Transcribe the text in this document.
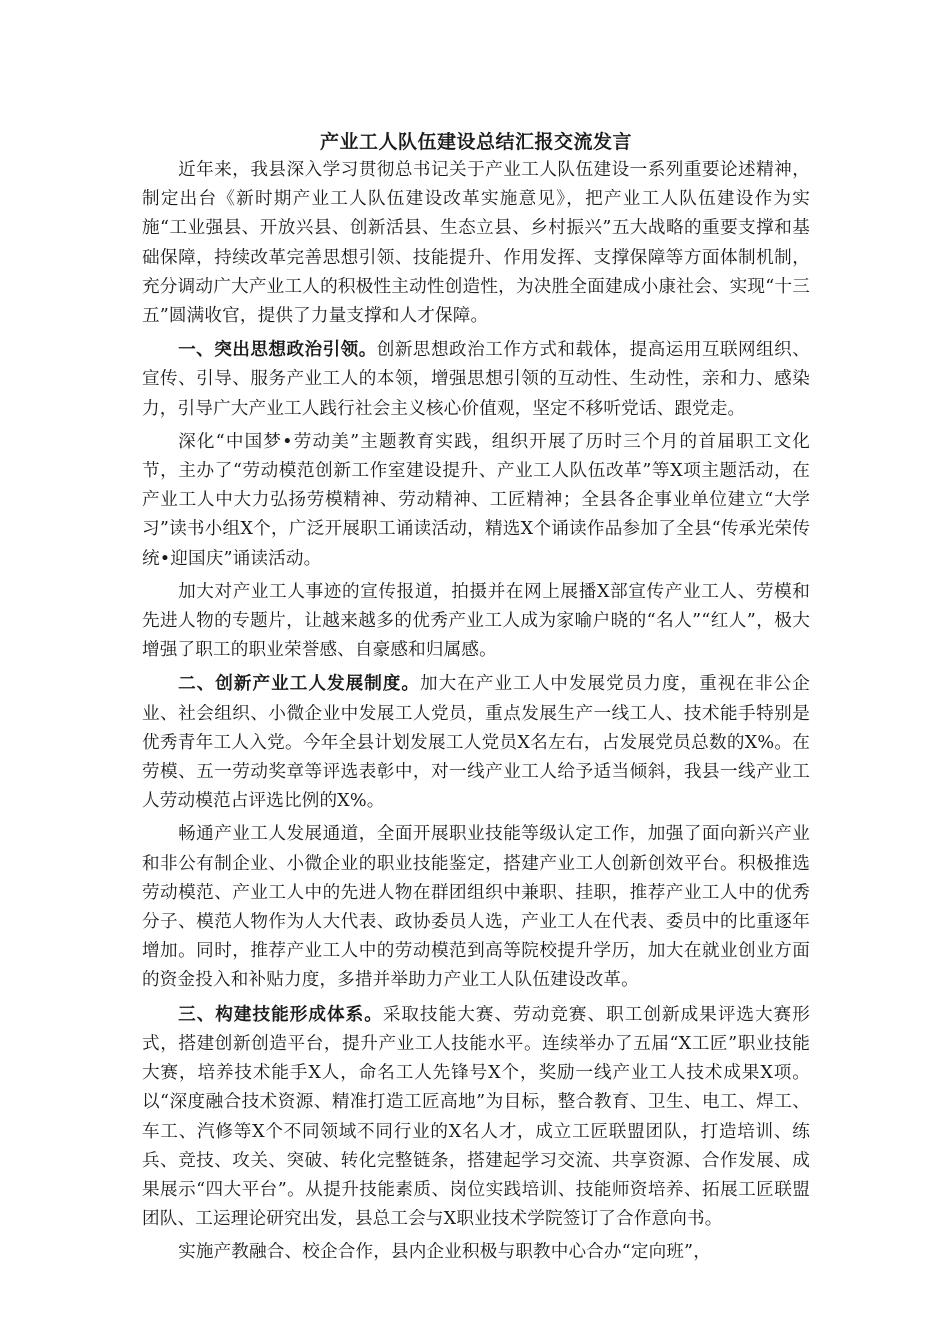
产业工人队伍建设总结汇报交流发言

近年来，我县深入学习贯彻总书记关于产业工人队伍建设一系列重要论述精神，制定出台《新时期产业工人队伍建设改革实施意见》，把产业工人队伍建设作为实施“工业强县、开放兴县、创新活县、生态立县、乡村振兴”五大战略的重要支撑和基础保障，持续改革完善思想引领、技能提升、作用发挥、支撑保障等方面体制机制，充分调动广大产业工人的积极性主动性创造性，为决胜全面建成小康社会、实现“十三五”圆满收官，提供了力量支撑和人才保障。

一、突出思想政治引领。创新思想政治工作方式和载体，提高运用互联网组织、宣传、引导、服务产业工人的本领，增强思想引领的互动性、生动性，亲和力、感染力，引导广大产业工人践行社会主义核心价值观，坚定不移听党话、跟党走。

深化“中国梦•劳动美”主题教育实践，组织开展了历时三个月的首届职工文化节，主办了“劳动模范创新工作室建设提升、产业工人队伍改革”等X项主题活动，在产业工人中大力弘扬劳模精神、劳动精神、工匠精神；全县各企事业单位建立“大学习”读书小组X个，广泛开展职工诵读活动，精选X个诵读作品参加了全县“传承光荣传统•迎国庆”诵读活动。

加大对产业工人事迹的宣传报道，拍摄并在网上展播X部宣传产业工人、劳模和先进人物的专题片，让越来越多的优秀产业工人成为家喻户晓的“名人”“红人”，极大增强了职工的职业荣誉感、自豪感和归属感。

二、创新产业工人发展制度。加大在产业工人中发展党员力度，重视在非公企业、社会组织、小微企业中发展工人党员，重点发展生产一线工人、技术能手特别是优秀青年工人入党。今年全县计划发展工人党员X名左右，占发展党员总数的X%。在劳模、五一劳动奖章等评选表彰中，对一线产业工人给予适当倾斜，我县一线产业工人劳动模范占评选比例的X%。

畅通产业工人发展通道，全面开展职业技能等级认定工作，加强了面向新兴产业和非公有制企业、小微企业的职业技能鉴定，搭建产业工人创新创效平台。积极推选劳动模范、产业工人中的先进人物在群团组织中兼职、挂职，推荐产业工人中的优秀分子、模范人物作为人大代表、政协委员人选，产业工人在代表、委员中的比重逐年增加。同时，推荐产业工人中的劳动模范到高等院校提升学历，加大在就业创业方面的资金投入和补贴力度，多措并举助力产业工人队伍建设改革。

三、构建技能形成体系。采取技能大赛、劳动竞赛、职工创新成果评选大赛形式，搭建创新创造平台，提升产业工人技能水平。连续举办了五届“X工匠”职业技能大赛，培养技术能手X人，命名工人先锋号X个，奖励一线产业工人技术成果X项。以“深度融合技术资源、精准打造工匠高地”为目标，整合教育、卫生、电工、焊工、车工、汽修等X个不同领域不同行业的X名人才，成立工匠联盟团队，打造培训、练兵、竞技、攻关、突破、转化完整链条，搭建起学习交流、共享资源、合作发展、成果展示“四大平台”。从提升技能素质、岗位实践培训、技能师资培养、拓展工匠联盟团队、工运理论研究出发，县总工会与X职业技术学院签订了合作意向书。

实施产教融合、校企合作，县内企业积极与职教中心合办“定向班”，
